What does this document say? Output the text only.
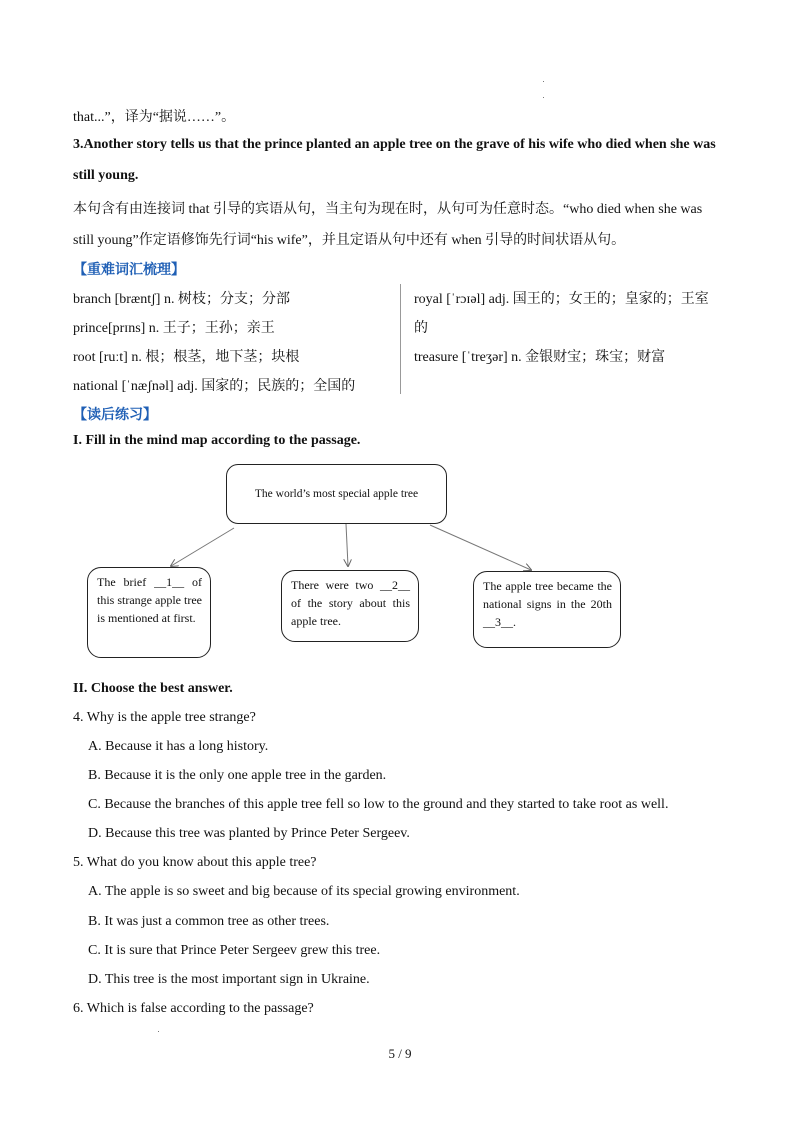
that...”，译为“据说……”。
3.Another story tells us that the prince planted an apple tree on the grave of his wife who died when she was
still young.
本句含有由连接词 that 引导的宾语从句，当主句为现在时，从句可为任意时态。“who died when she was
still young”作定语修饰先行词“his wife”，并且定语从句中还有 when 引导的时间状语从句。
【重难词汇梳理】
branch [bræntʃ] n. 树枝；分支；分部
prince[prɪns] n. 王子；王孙；亲王
root [ruːt] n. 根；根茎，地下茎；块根
national [ˈnæʃnəl] adj. 国家的；民族的；全国的
royal [ˈrɔɪəl] adj. 国王的；女王的；皇家的；王室
的
treasure [ˈtreʒər] n. 金银财宝；珠宝；财富
【读后练习】
I. Fill in the mind map according to the passage.
The world’s most special apple tree
The brief __1__ of this strange apple tree is mentioned at first.
There were two __2__ of the story about this apple tree.
The apple tree became the national signs in the 20th __3__.
II. Choose the best answer.
4. Why is the apple tree strange?
A. Because it has a long history.
B. Because it is the only one apple tree in the garden.
C. Because the branches of this apple tree fell so low to the ground and they started to take root as well.
D. Because this tree was planted by Prince Peter Sergeev.
5. What do you know about this apple tree?
A. The apple is so sweet and big because of its special growing environment.
B. It was just a common tree as other trees.
C. It is sure that Prince Peter Sergeev grew this tree.
D. This tree is the most important sign in Ukraine.
6. Which is false according to the passage?
5 / 9
